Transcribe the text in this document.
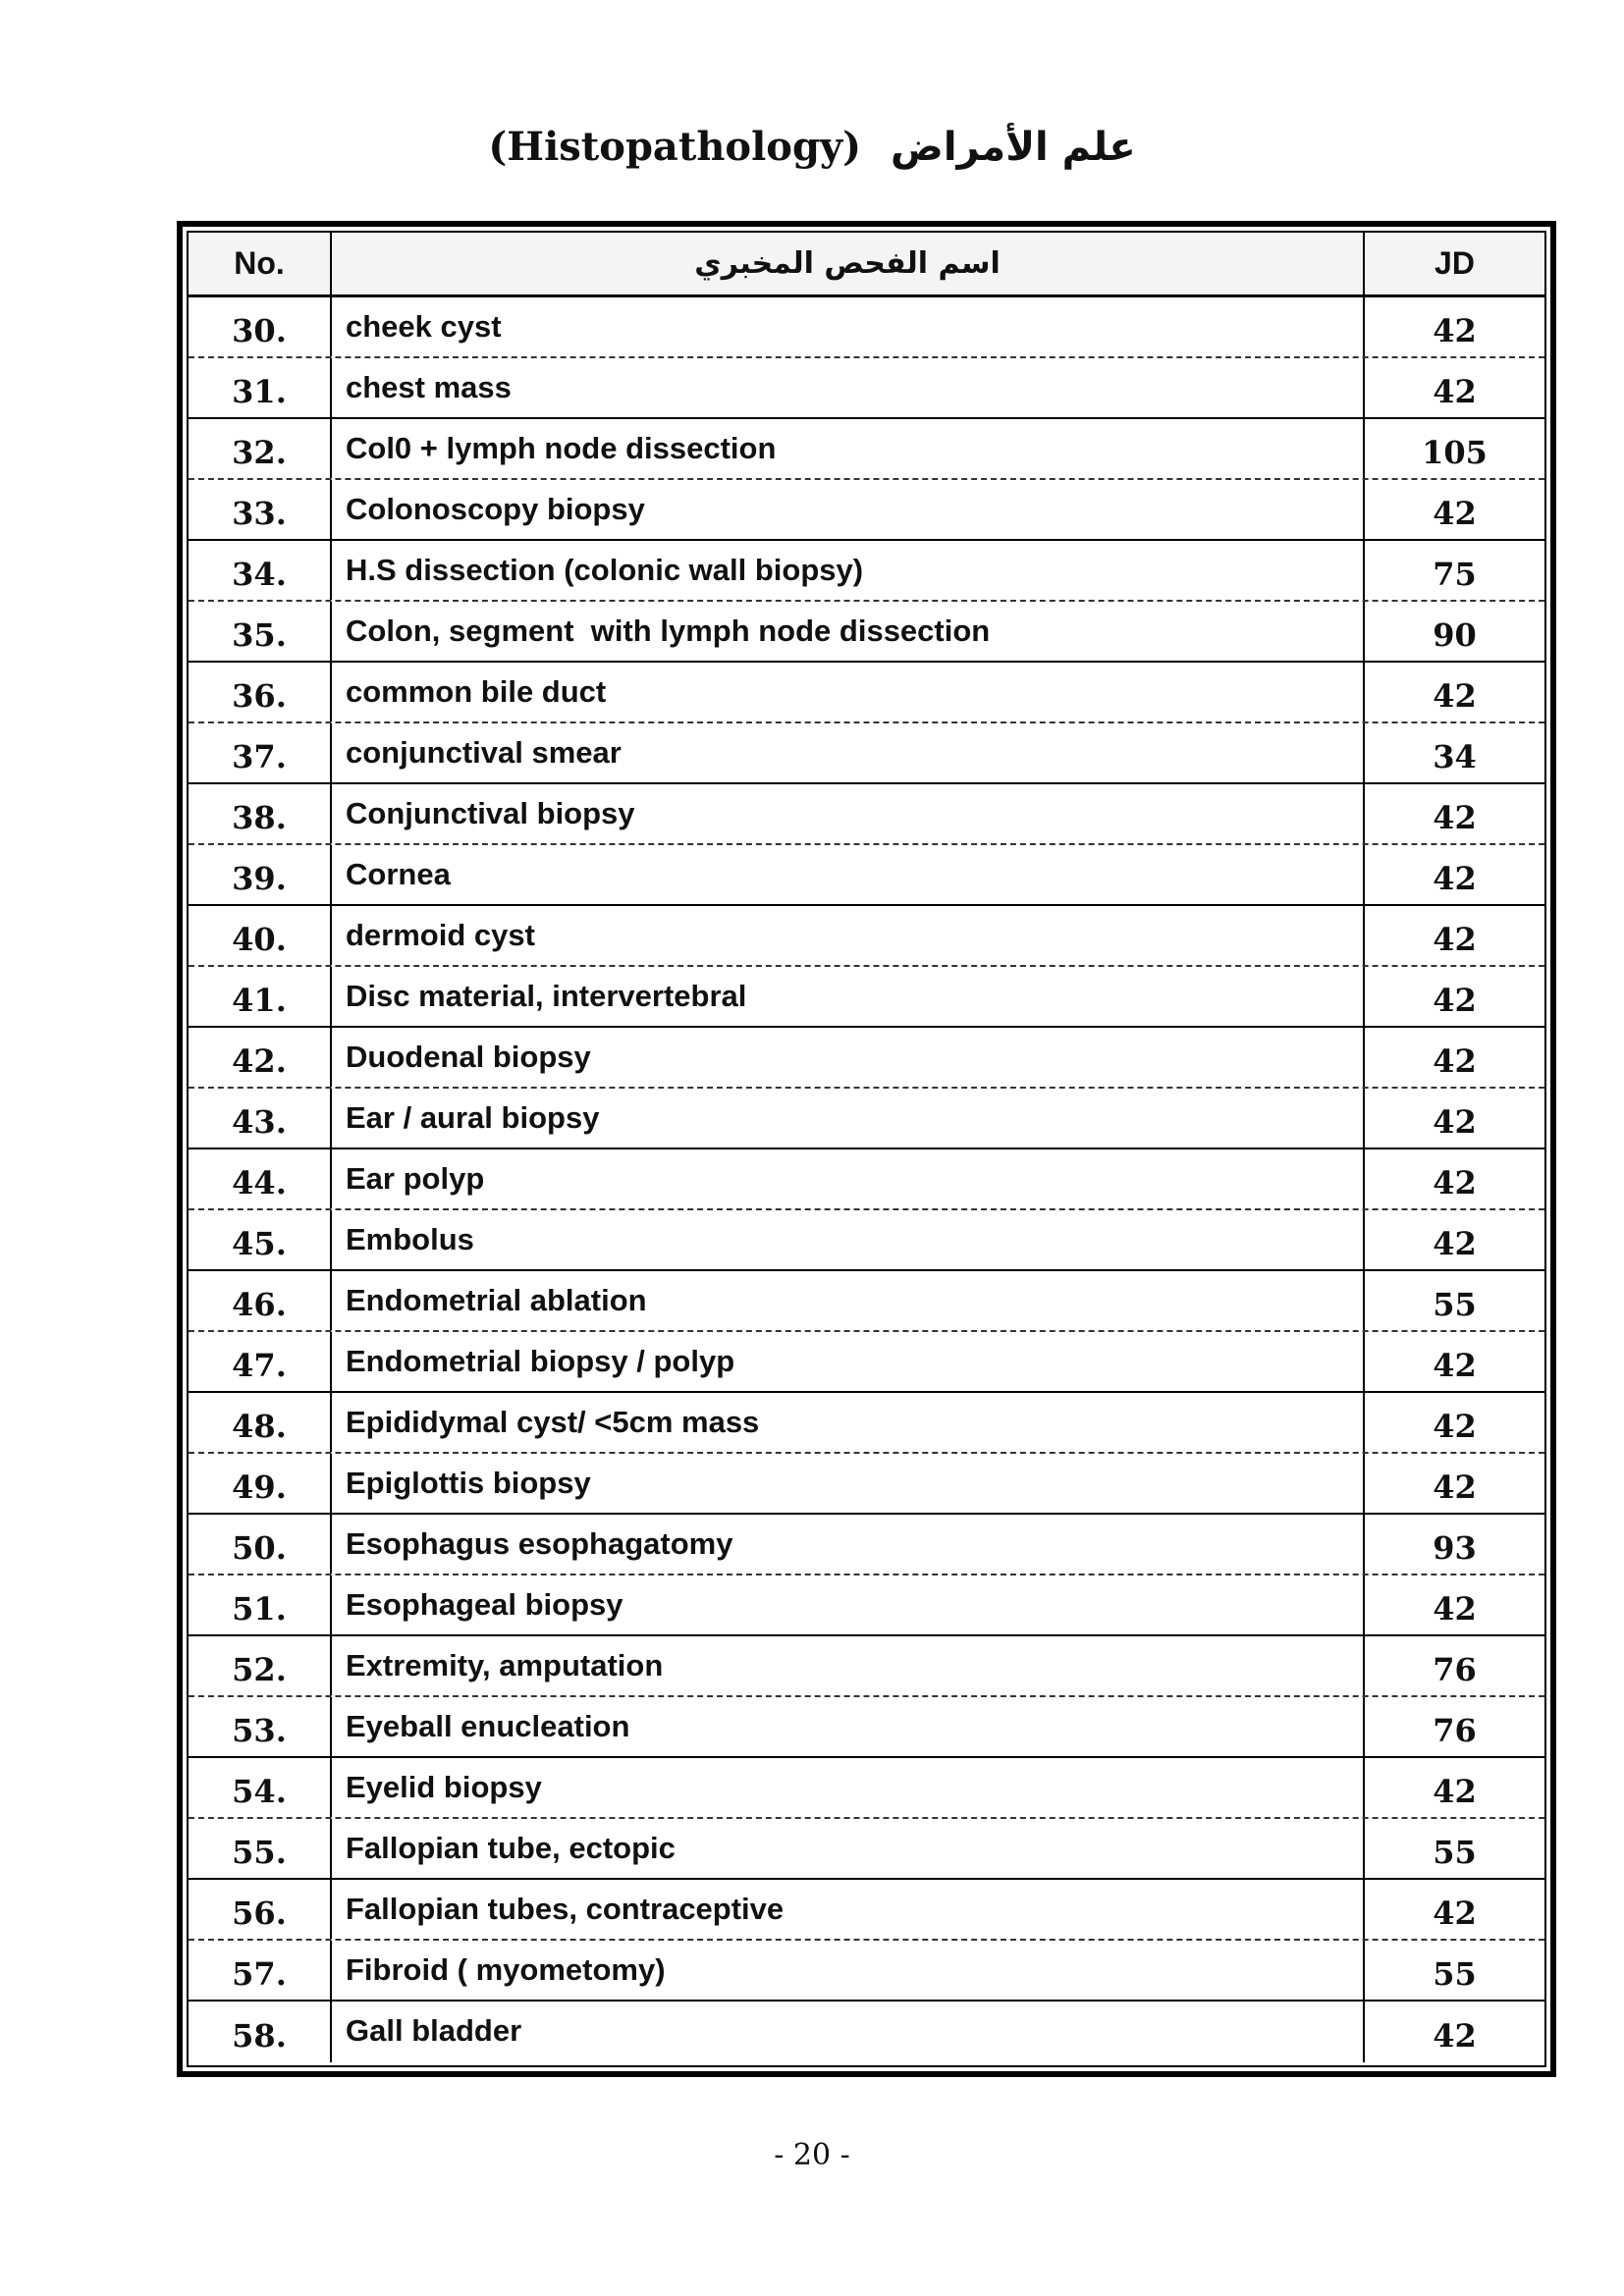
(Histopathology) علم الأمراض
No.	اسم الفحص المخبري	JD
30.	cheek cyst	42
31.	chest mass	42
32.	Col0 + lymph node dissection	105
33.	Colonoscopy biopsy	42
34.	H.S dissection (colonic wall biopsy)	75
35.	Colon, segment  with lymph node dissection	90
36.	common bile duct	42
37.	conjunctival smear	34
38.	Conjunctival biopsy	42
39.	Cornea	42
40.	dermoid cyst	42
41.	Disc material, intervertebral	42
42.	Duodenal biopsy	42
43.	Ear / aural biopsy	42
44.	Ear polyp	42
45.	Embolus	42
46.	Endometrial ablation	55
47.	Endometrial biopsy / polyp	42
48.	Epididymal cyst/ <5cm mass	42
49.	Epiglottis biopsy	42
50.	Esophagus esophagatomy	93
51.	Esophageal biopsy	42
52.	Extremity, amputation	76
53.	Eyeball enucleation	76
54.	Eyelid biopsy	42
55.	Fallopian tube, ectopic	55
56.	Fallopian tubes, contraceptive	42
57.	Fibroid ( myometomy)	55
58.	Gall bladder	42
- 20 -
